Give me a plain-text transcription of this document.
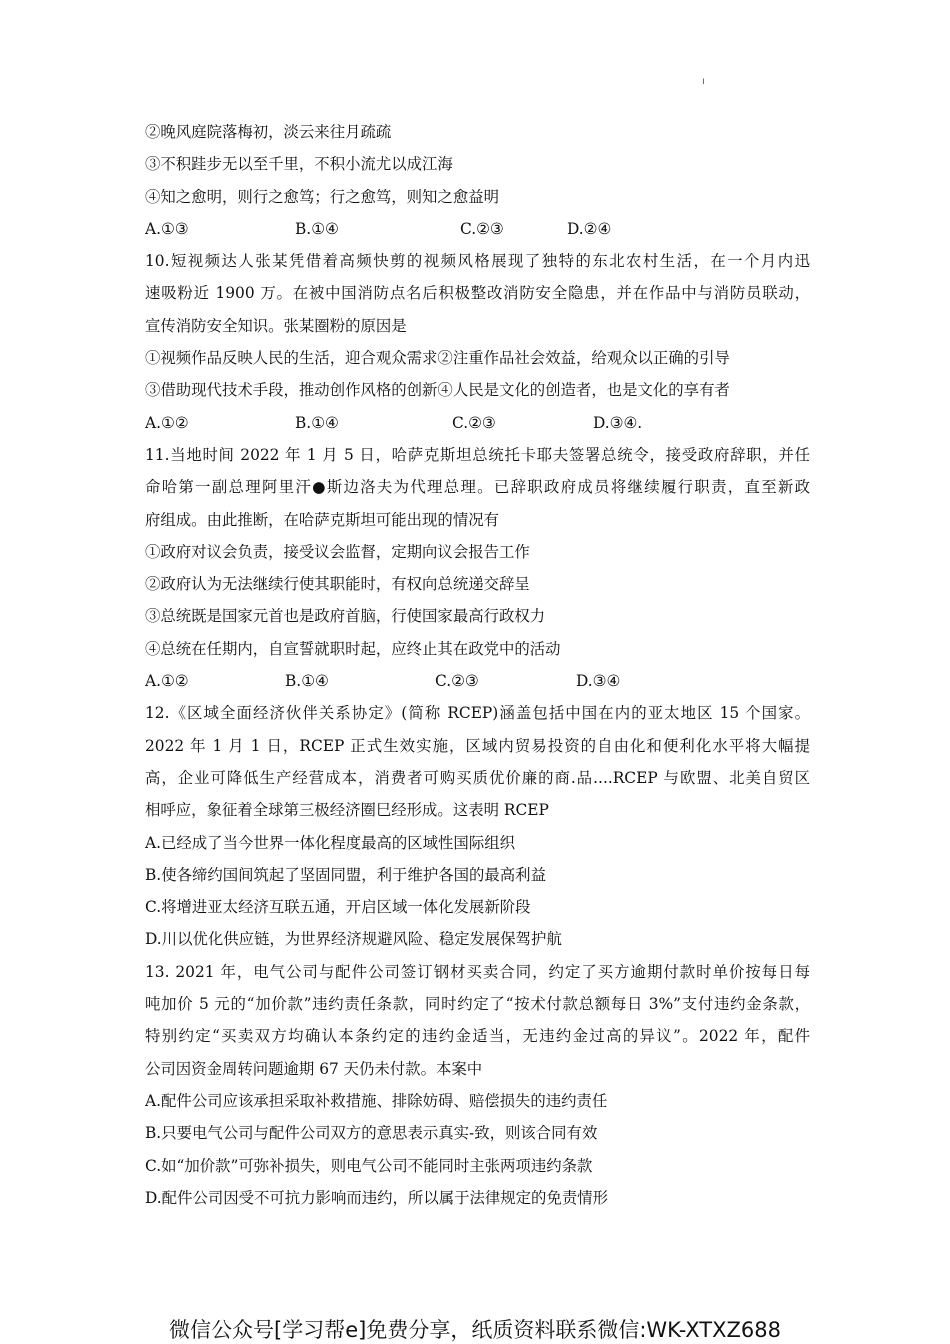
ı
②晚风庭院落梅初，淡云来往月疏疏
③不积跬步无以至千里，不积小流尤以成江海
④知之愈明，则行之愈笃；行之愈笃，则知之愈益明
A.①③	B.①④	C.②③	D.②④
10.短视频达人张某凭借着高频快剪的视频风格展现了独特的东北农村生活，在一个月内迅
速吸粉近 1900 万。在被中国消防点名后积极整改消防安全隐患，并在作品中与消防员联动，
宣传消防安全知识。张某圈粉的原因是
①视频作品反映人民的生活，迎合观众需求②注重作品社会效益，给观众以正确的引导
③借助现代技术手段，推动创作风格的创新④人民是文化的创造者，也是文化的享有者
A.①②	B.①④	C.②③	D.③④.
11.当地时间 2022 年 1 月 5 日，哈萨克斯坦总统托卡耶夫签署总统令，接受政府辞职，并任
命哈第一副总理阿里汗●斯边洛夫为代理总理。已辞职政府成员将继续履行职责，直至新政
府组成。由此推断，在哈萨克斯坦可能出现的情况有
①政府对议会负责，接受议会监督，定期向议会报告工作
②政府认为无法继续行使其职能时，有权向总统递交辞呈
③总统既是国家元首也是政府首脑，行使国家最高行政权力
④总统在任期内，自宣誓就职时起，应终止其在政党中的活动
A.①②	B.①④	C.②③	D.③④
12.《区域全面经济伙伴关系协定》(简称 RCEP)涵盖包括中国在内的亚太地区 15 个国家。
2022 年 1 月 1 日，RCEP 正式生效实施，区域内贸易投资的自由化和便利化水平将大幅提
高，企业可降低生产经营成本，消费者可购买质优价廉的商.品....RCEP 与欧盟、北美自贸区
相呼应，象征着全球第三极经济圈巳经形成。这表明 RCEP
A.已经成了当今世界一体化程度最高的区域性国际组织
B.使各缔约国间筑起了坚固同盟，利于维护各国的最高利益
C.将增进亚太经济互联五通，开启区域一体化发展新阶段
D.川以优化供应链，为世界经济规避风险、稳定发展保驾护航
13. 2021 年，电气公司与配件公司签订钢材买卖合同，约定了买方逾期付款时单价按每日每
吨加价 5 元的“加价款”违约责任条款，同时约定了“按术付款总额每日 3%”支付违约金条款，
特别约定“买卖双方均确认本条约定的违约金适当，无违约金过高的异议”。2022 年，配件
公司因资金周转问题逾期 67 天仍未付款。本案中
A.配件公司应该承担采取补救措施、排除妨碍、赔偿损失的违约责任
B.只要电气公司与配件公司双方的意思表示真实-致，则该合同有效
C.如“加价款”可弥补损失，则电气公司不能同时主张两项违约条款
D.配件公司因受不可抗力影响而违约，所以属于法律规定的免责情形
微信公众号[学习帮e]免费分享，纸质资料联系微信:WK-XTXZ688
